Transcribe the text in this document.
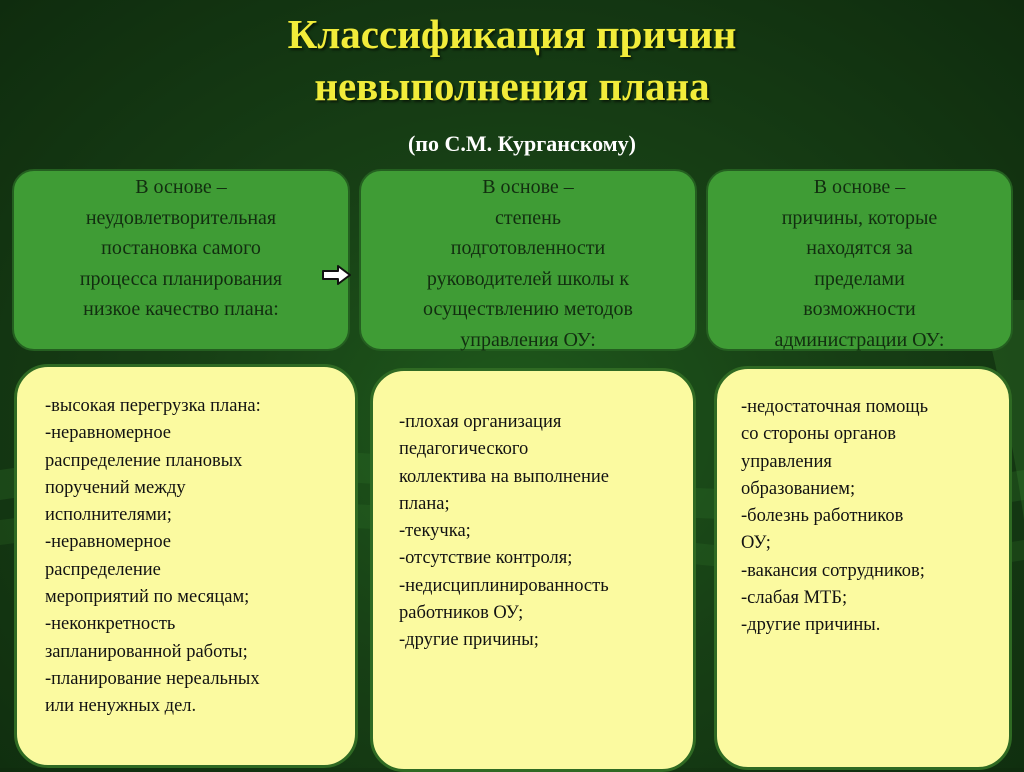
Классификация причин
невыполнения плана
(по С.М. Курганскому)
В основе –
неудовлетворительная
постановка самого
процесса планирования
низкое качество плана:
В основе –
степень
подготовленности
руководителей школы к
осуществлению методов
управления ОУ:
В основе –
причины, которые
находятся за
пределами
возможности
администрации ОУ:
-высокая перегрузка плана:
-неравномерное
распределение плановых
поручений между
исполнителями;
-неравномерное
распределение
мероприятий по месяцам;
-неконкретность
запланированной работы;
-планирование нереальных
или ненужных дел.
-плохая организация
педагогического
коллектива на выполнение
плана;
-текучка;
-отсутствие контроля;
-недисциплинированность
работников ОУ;
-другие причины;
-недостаточная помощь
со стороны органов
управления
образованием;
-болезнь работников
ОУ;
-вакансия сотрудников;
-слабая МТБ;
-другие причины.
